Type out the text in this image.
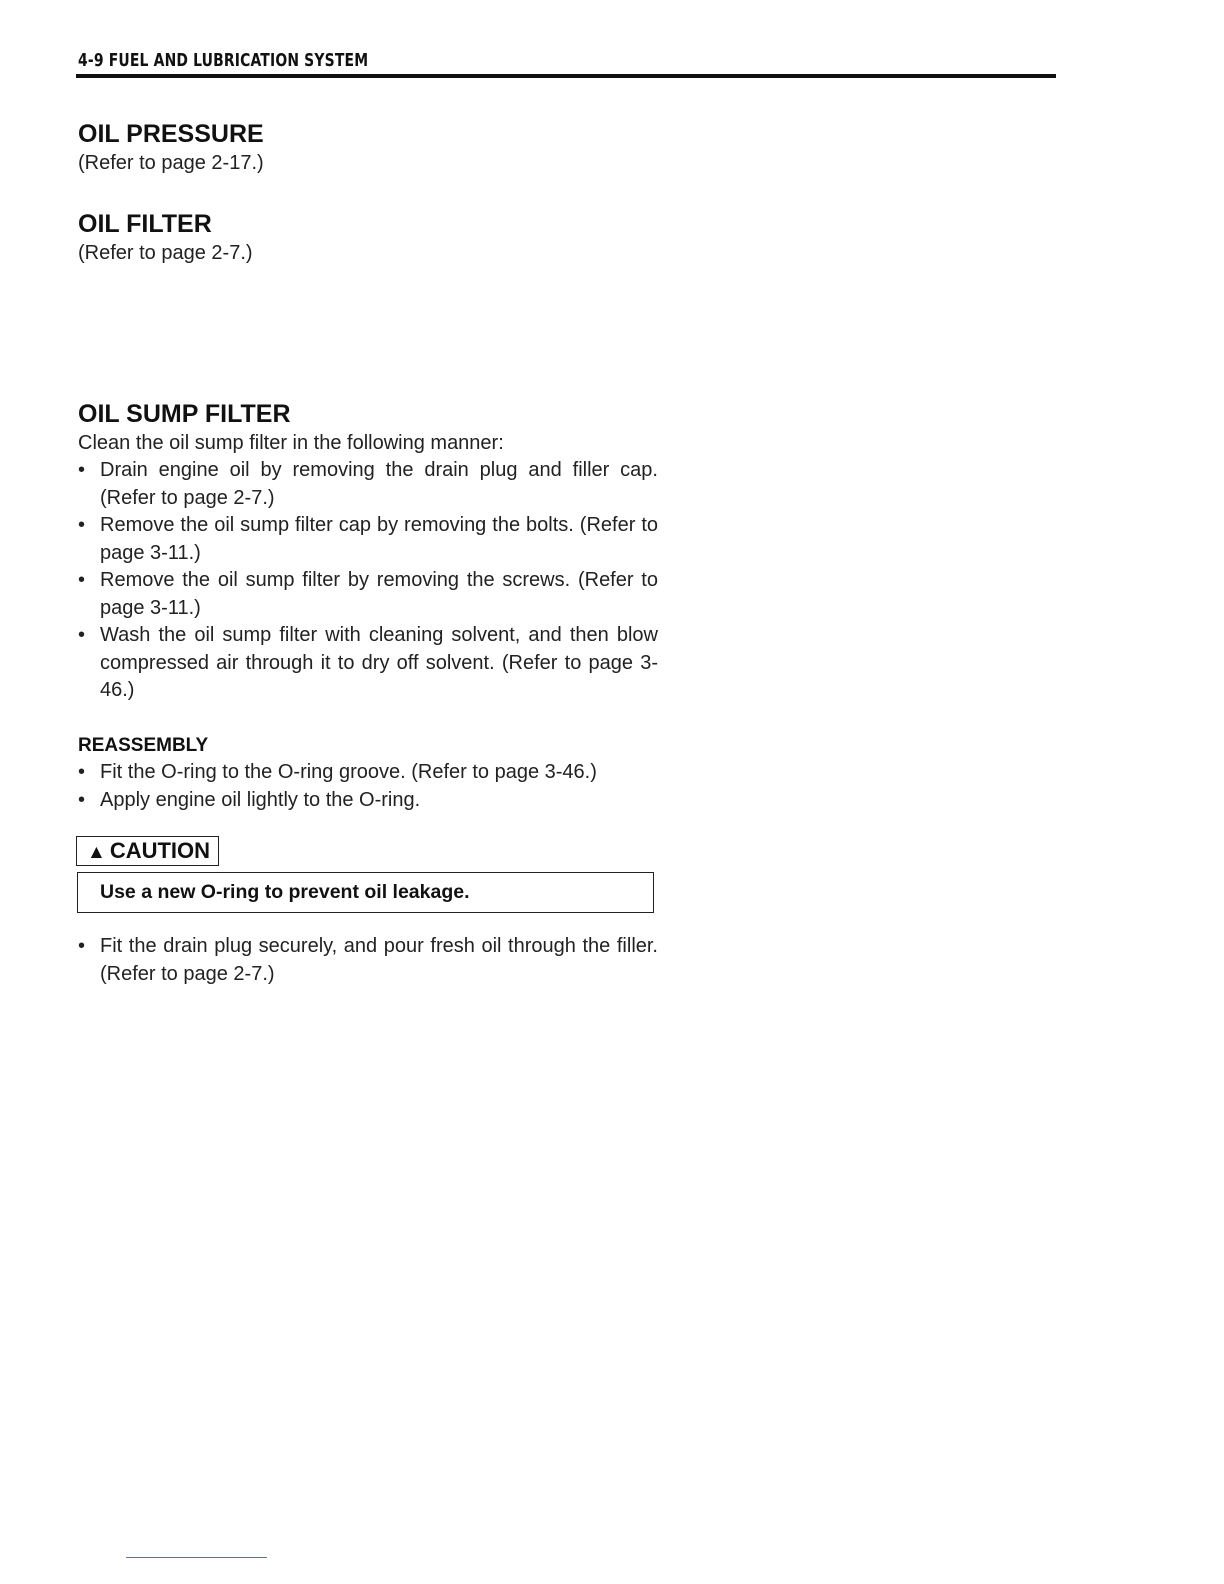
4-9 FUEL AND LUBRICATION SYSTEM
OIL PRESSURE
(Refer to page 2-17.)
OIL FILTER
(Refer to page 2-7.)
OIL SUMP FILTER
Clean the oil sump filter in the following manner:
• Drain engine oil by removing the drain plug and filler cap. (Refer to page 2-7.)
• Remove the oil sump filter cap by removing the bolts. (Refer to page 3-11.)
• Remove the oil sump filter by removing the screws. (Refer to page 3-11.)
• Wash the oil sump filter with cleaning solvent, and then blow compressed air through it to dry off solvent. (Refer to page 3-46.)
REASSEMBLY
• Fit the O-ring to the O-ring groove. (Refer to page 3-46.)
• Apply engine oil lightly to the O-ring.
▲ CAUTION
Use a new O-ring to prevent oil leakage.
• Fit the drain plug securely, and pour fresh oil through the filler. (Refer to page 2-7.)
